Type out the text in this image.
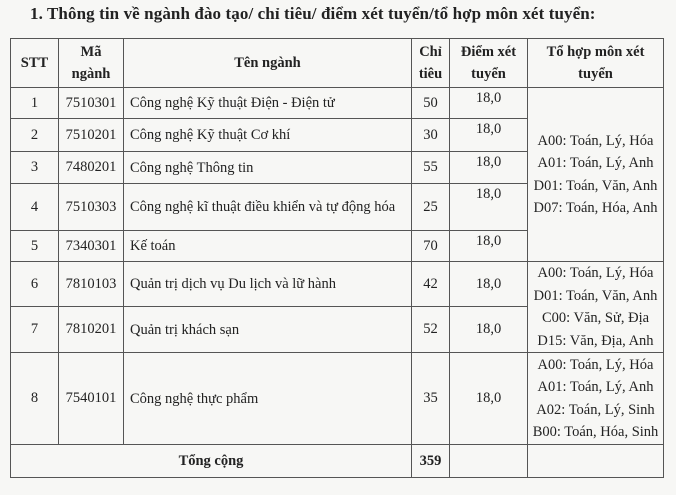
1. Thông tin về ngành đào tạo/ chỉ tiêu/ điểm xét tuyển/tổ hợp môn xét tuyển:
STT	Mã ngành	Tên ngành	Chỉ tiêu	Điểm xét tuyển	Tổ hợp môn xét tuyển
1	7510301	Công nghệ Kỹ thuật Điện - Điện tử	50	18,0	A00: Toán, Lý, Hóa
A01: Toán, Lý, Anh
D01: Toán, Văn, Anh
D07: Toán, Hóa, Anh

2	7510201	Công nghệ Kỹ thuật Cơ khí	30	18,0	
3	7480201	Công nghệ Thông tin	55	18,0	
4	7510303	Công nghệ kĩ thuật điều khiển và tự động hóa	25	18,0	
5	7340301	Kế toán	70	18,0	
6	7810103	Quản trị dịch vụ Du lịch và lữ hành	42	18,0	A00: Toán, Lý, Hóa
D01: Toán, Văn, Anh
C00: Văn, Sử, Địa
D15: Văn, Địa, Anh

7	7810201	Quản trị khách sạn	52	18,0	
8	7540101	Công nghệ thực phẩm	35	18,0	A00: Toán, Lý, Hóa
A01: Toán, Lý, Anh
A02: Toán, Lý, Sinh
B00: Toán, Hóa, Sinh

Tổng cộng			359		
